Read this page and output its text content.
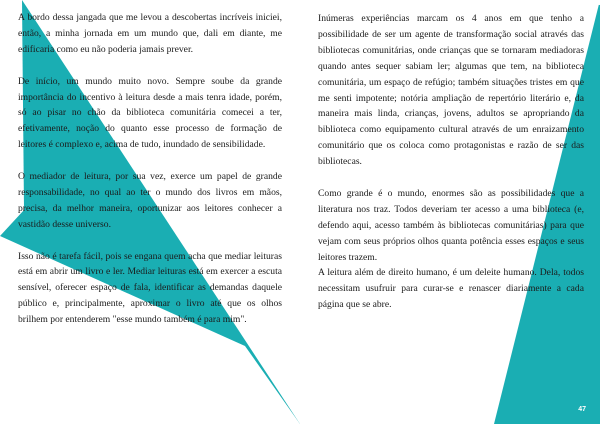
A bordo dessa jangada que me levou a descobertas incríveis iniciei, então, a minha jornada em um mundo que, dali em diante, me edificaria como eu não poderia jamais prever.

De início, um mundo muito novo. Sempre soube da grande importância do incentivo à leitura desde a mais tenra idade, porém, só ao pisar no chão da biblioteca comunitária comecei a ter, efetivamente, noção do quanto esse processo de formação de leitores é complexo e, acima de tudo, inundado de sensibilidade.

O mediador de leitura, por sua vez, exerce um papel de grande responsabilidade, no qual ao ter o mundo dos livros em mãos, precisa, da melhor maneira, oportunizar aos leitores conhecer a vastidão desse universo.

Isso não é tarefa fácil, pois se engana quem acha que mediar leituras está em abrir um livro e ler. Mediar leituras está em exercer a escuta sensível, oferecer espaço de fala, identificar as demandas daquele público e, principalmente, aproximar o livro até que os olhos brilhem por entenderem "esse mundo também é para mim".

Inúmeras experiências marcam os 4 anos em que tenho a possibilidade de ser um agente de transformação social através das bibliotecas comunitárias, onde crianças que se tornaram mediadoras quando antes sequer sabiam ler; algumas que tem, na biblioteca comunitária, um espaço de refúgio; também situações tristes em que me senti impotente; notória ampliação de repertório literário e, da maneira mais linda, crianças, jovens, adultos se apropriando da biblioteca como equipamento cultural através de um enraizamento comunitário que os coloca como protagonistas e razão de ser das bibliotecas.

Como grande é o mundo, enormes são as possibilidades que a literatura nos traz. Todos deveriam ter acesso a uma biblioteca (e, defendo aqui, acesso também às bibliotecas comunitárias) para que vejam com seus próprios olhos quanta potência esses espaços e seus leitores trazem.

A leitura além de direito humano, é um deleite humano. Dela, todos necessitam usufruir para curar-se e renascer diariamente a cada página que se abre.

47
